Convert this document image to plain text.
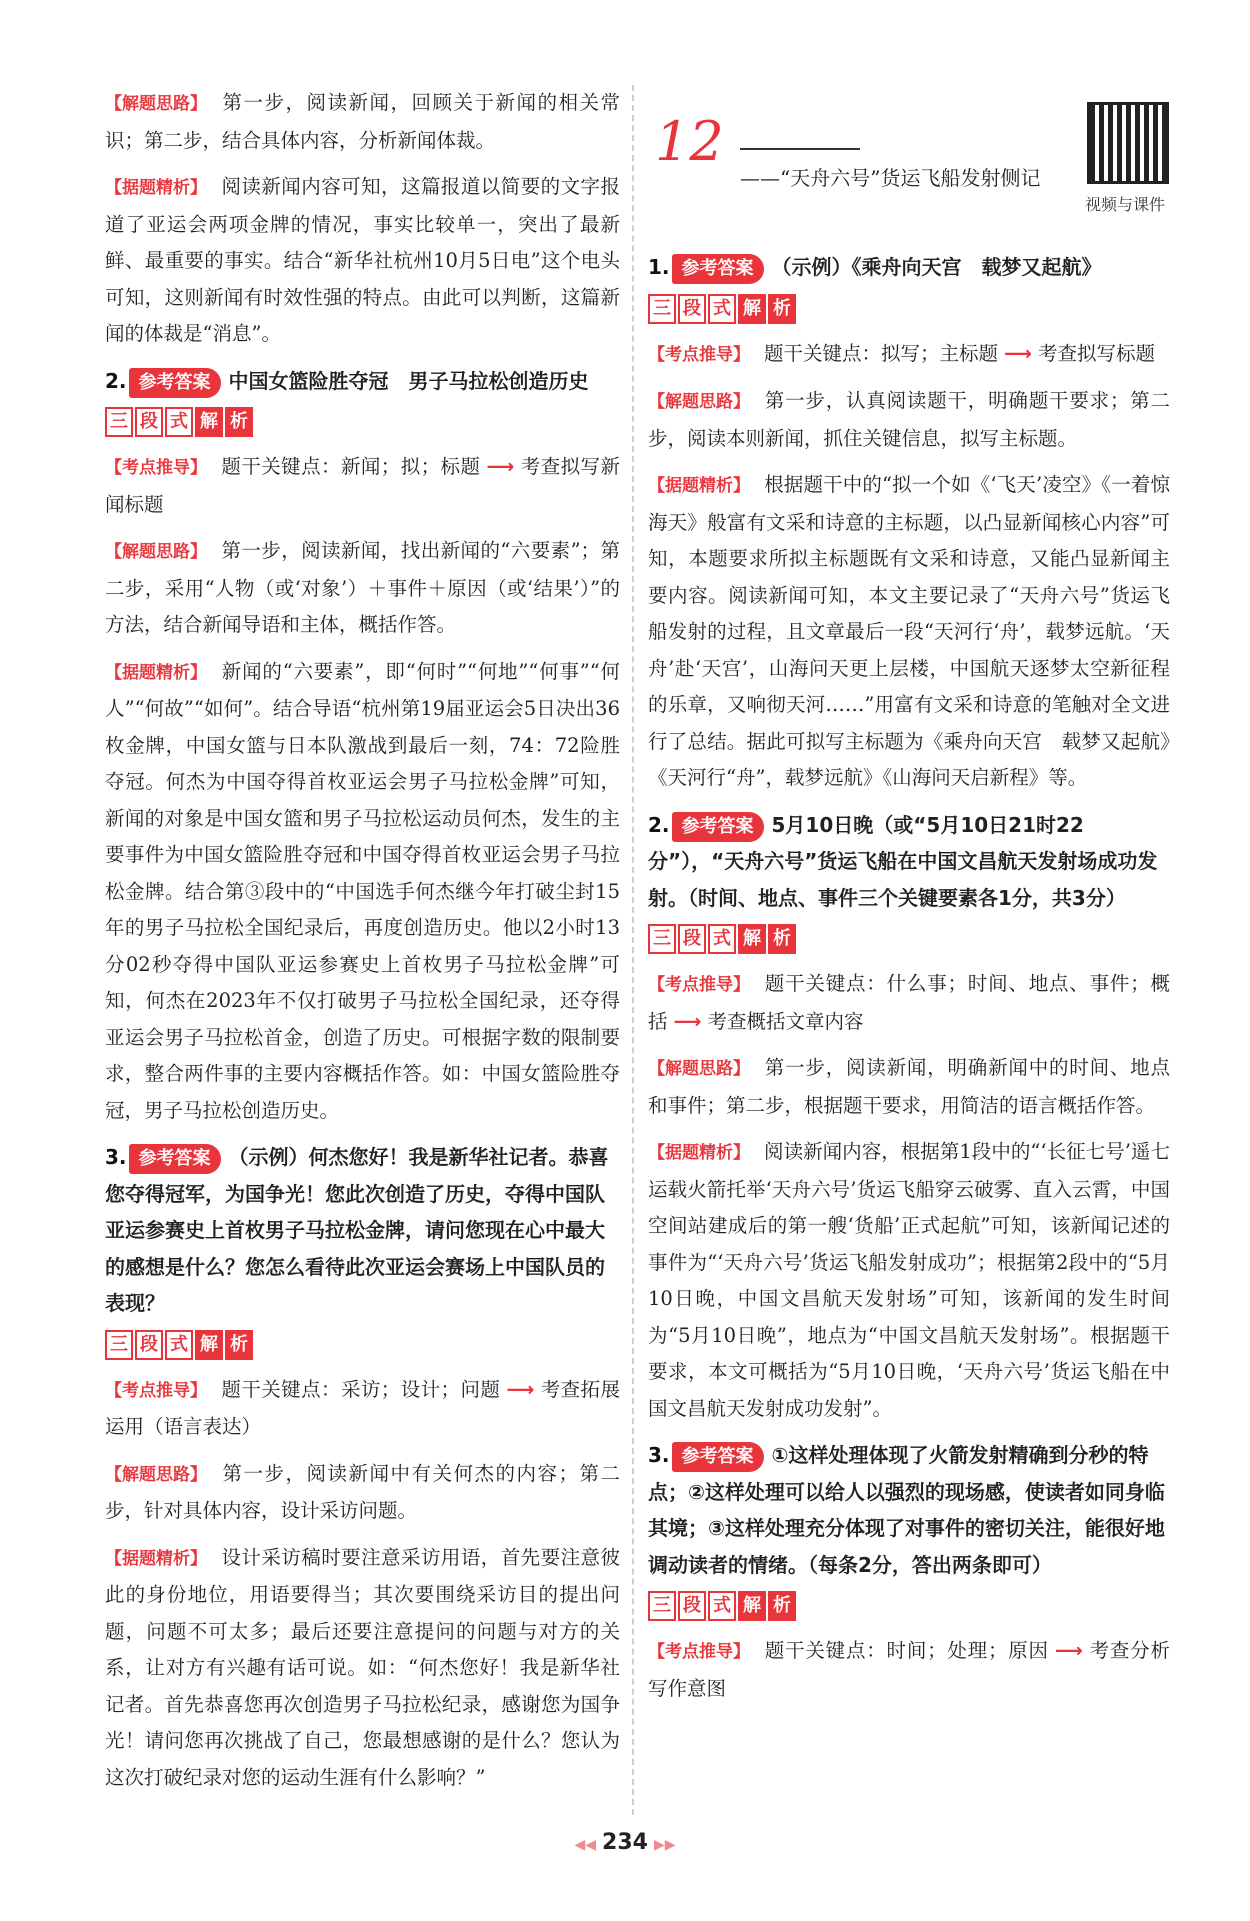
【解题思路】 第一步，阅读新闻，回顾关于新闻的相关常识；第二步，结合具体内容，分析新闻体裁。

【据题精析】 阅读新闻内容可知，这篇报道以简要的文字报道了亚运会两项金牌的情况，事实比较单一，突出了最新鲜、最重要的事实。结合“新华社杭州10月5日电”这个电头可知，这则新闻有时效性强的特点。由此可以判断，这篇新闻的体裁是“消息”。

2. 参考答案 中国女篮险胜夺冠　男子马拉松创造历史
三 段 式 解 析

【考点推导】 题干关键点：新闻；拟；标题 ⟶ 考查拟写新闻标题

【解题思路】 第一步，阅读新闻，找出新闻的“六要素”；第二步，采用“人物（或‘对象’）＋事件＋原因（或‘结果’）”的方法，结合新闻导语和主体，概括作答。

【据题精析】 新闻的“六要素”，即“何时”“何地”“何事”“何人”“何故”“如何”。结合导语“杭州第19届亚运会5日决出36枚金牌，中国女篮与日本队激战到最后一刻，74：72险胜夺冠。何杰为中国夺得首枚亚运会男子马拉松金牌”可知，新闻的对象是中国女篮和男子马拉松运动员何杰，发生的主要事件为中国女篮险胜夺冠和中国夺得首枚亚运会男子马拉松金牌。结合第③段中的“中国选手何杰继今年打破尘封15年的男子马拉松全国纪录后，再度创造历史。他以2小时13分02秒夺得中国队亚运参赛史上首枚男子马拉松金牌”可知，何杰在2023年不仅打破男子马拉松全国纪录，还夺得亚运会男子马拉松首金，创造了历史。可根据字数的限制要求，整合两件事的主要内容概括作答。如：中国女篮险胜夺冠，男子马拉松创造历史。

3. 参考答案 （示例）何杰您好！我是新华社记者。恭喜您夺得冠军，为国争光！您此次创造了历史，夺得中国队亚运参赛史上首枚男子马拉松金牌，请问您现在心中最大的感想是什么？您怎么看待此次亚运会赛场上中国队员的表现？
三 段 式 解 析

【考点推导】 题干关键点：采访；设计；问题 ⟶ 考查拓展运用（语言表达）

【解题思路】 第一步，阅读新闻中有关何杰的内容；第二步，针对具体内容，设计采访问题。

【据题精析】 设计采访稿时要注意采访用语，首先要注意彼此的身份地位，用语要得当；其次要围绕采访目的提出问题，问题不可太多；最后还要注意提问的问题与对方的关系，让对方有兴趣有话可说。如：“何杰您好！我是新华社记者。首先恭喜您再次创造男子马拉松纪录，感谢您为国争光！请问您再次挑战了自己，您最想感谢的是什么？您认为这次打破纪录对您的运动生涯有什么影响？”

12
——“天舟六号”货运飞船发射侧记
视频与课件
1. 参考答案 （示例）《乘舟向天宫　载梦又起航》
三 段 式 解 析

【考点推导】 题干关键点：拟写；主标题 ⟶ 考查拟写标题

【解题思路】 第一步，认真阅读题干，明确题干要求；第二步，阅读本则新闻，抓住关键信息，拟写主标题。

【据题精析】 根据题干中的“拟一个如《‘飞天’凌空》《一着惊海天》般富有文采和诗意的主标题，以凸显新闻核心内容”可知，本题要求所拟主标题既有文采和诗意，又能凸显新闻主要内容。阅读新闻可知，本文主要记录了“天舟六号”货运飞船发射的过程，且文章最后一段“天河行‘舟’，载梦远航。‘天舟’赴‘天宫’，山海问天更上层楼，中国航天逐梦太空新征程的乐章，又响彻天河……”用富有文采和诗意的笔触对全文进行了总结。据此可拟写主标题为《乘舟向天宫　载梦又起航》《天河行“舟”，载梦远航》《山海问天启新程》等。

2. 参考答案 5月10日晚（或“5月10日21时22分”），“天舟六号”货运飞船在中国文昌航天发射场成功发射。（时间、地点、事件三个关键要素各1分，共3分）
三 段 式 解 析

【考点推导】 题干关键点：什么事；时间、地点、事件；概括 ⟶ 考查概括文章内容

【解题思路】 第一步，阅读新闻，明确新闻中的时间、地点和事件；第二步，根据题干要求，用简洁的语言概括作答。

【据题精析】 阅读新闻内容，根据第1段中的“‘长征七号’遥七运载火箭托举‘天舟六号’货运飞船穿云破雾、直入云霄，中国空间站建成后的第一艘‘货船’正式起航”可知，该新闻记述的事件为“‘天舟六号’货运飞船发射成功”；根据第2段中的“5月10日晚，中国文昌航天发射场”可知，该新闻的发生时间为“5月10日晚”，地点为“中国文昌航天发射场”。根据题干要求，本文可概括为“5月10日晚，‘天舟六号’货运飞船在中国文昌航天发射成功发射”。

3. 参考答案 ①这样处理体现了火箭发射精确到分秒的特点；②这样处理可以给人以强烈的现场感，使读者如同身临其境；③这样处理充分体现了对事件的密切关注，能很好地调动读者的情绪。（每条2分，答出两条即可）
三 段 式 解 析

【考点推导】 题干关键点：时间；处理；原因 ⟶ 考查分析写作意图

◀◀ 234 ▶▶
